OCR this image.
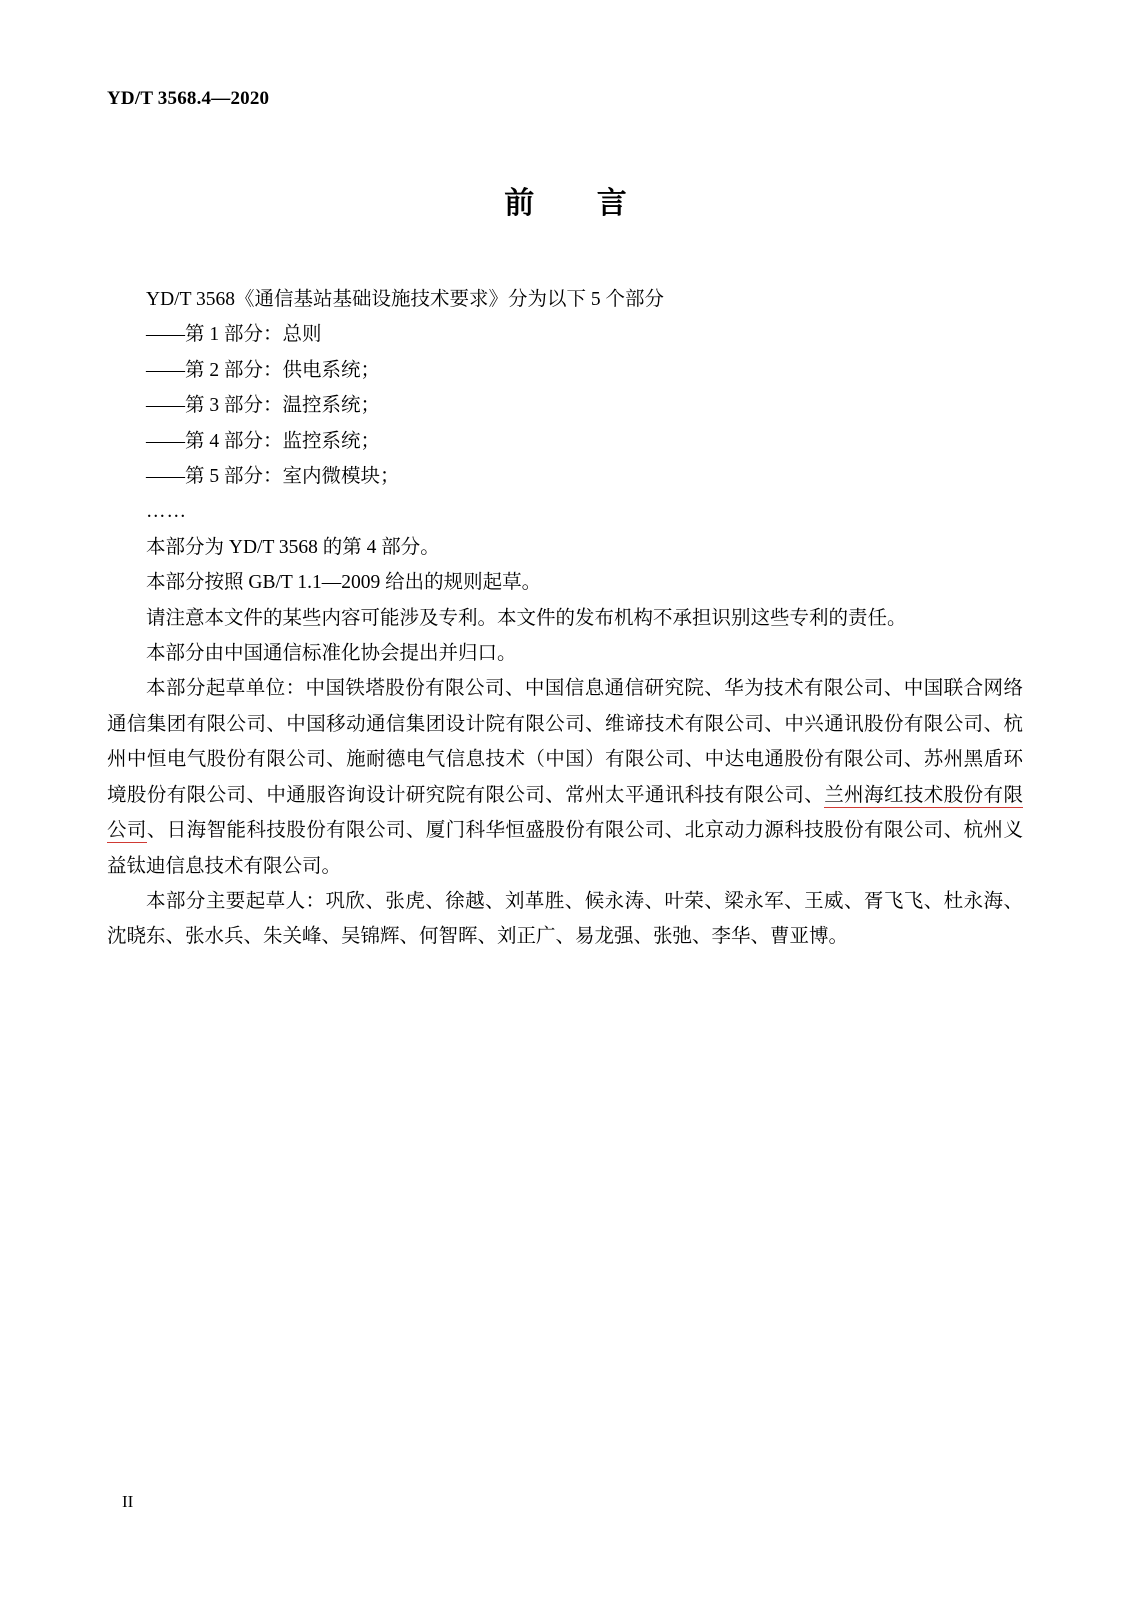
YD/T 3568.4—2020
前 言

YD/T 3568《通信基站基础设施技术要求》分为以下 5 个部分

——第 1 部分：总则

——第 2 部分：供电系统；

——第 3 部分：温控系统；

——第 4 部分：监控系统；

——第 5 部分：室内微模块；

……

本部分为 YD/T 3568 的第 4 部分。

本部分按照 GB/T 1.1—2009 给出的规则起草。

请注意本文件的某些内容可能涉及专利。本文件的发布机构不承担识别这些专利的责任。

本部分由中国通信标准化协会提出并归口。

本部分起草单位：中国铁塔股份有限公司、中国信息通信研究院、华为技术有限公司、中国联合网络通信集团有限公司、中国移动通信集团设计院有限公司、维谛技术有限公司、中兴通讯股份有限公司、杭州中恒电气股份有限公司、施耐德电气信息技术（中国）有限公司、中达电通股份有限公司、苏州黑盾环境股份有限公司、中通服咨询设计研究院有限公司、常州太平通讯科技有限公司、兰州海红技术股份有限公司、日海智能科技股份有限公司、厦门科华恒盛股份有限公司、北京动力源科技股份有限公司、杭州义益钛迪信息技术有限公司。

本部分主要起草人：巩欣、张虎、徐越、刘革胜、候永涛、叶荣、梁永军、王威、胥飞飞、杜永海、沈晓东、张水兵、朱关峰、吴锦辉、何智晖、刘正广、易龙强、张弛、李华、曹亚博。

II
